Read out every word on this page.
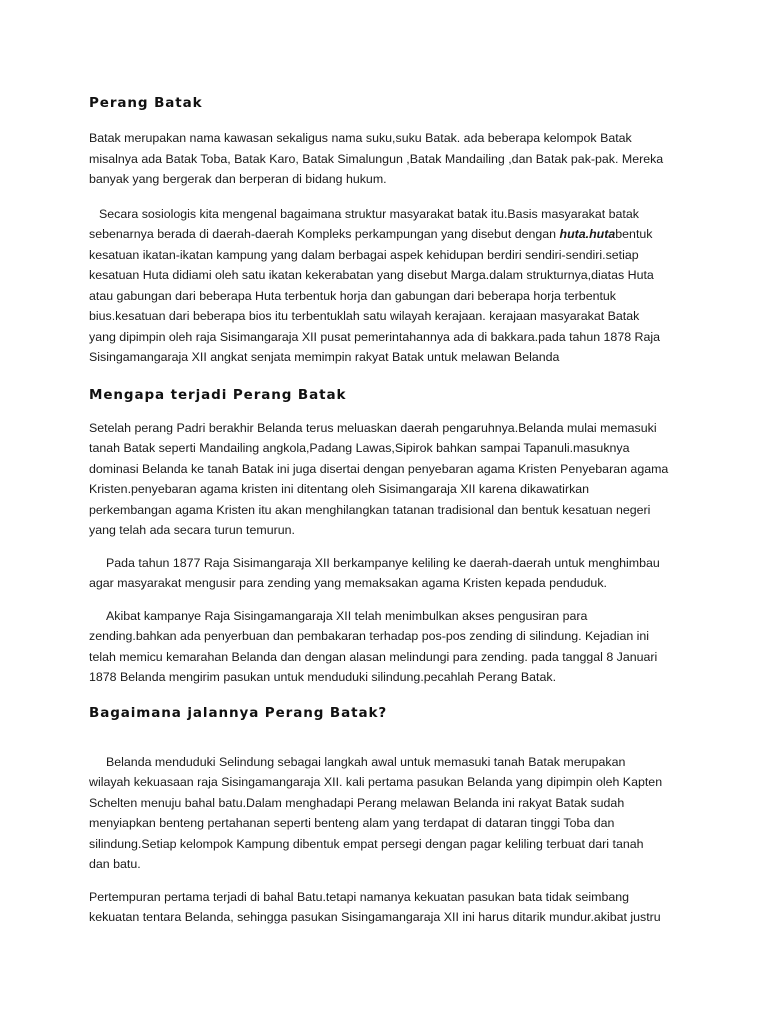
Perang Batak

Batak merupakan nama kawasan sekaligus nama suku,suku Batak. ada beberapa kelompok Batak
misalnya ada Batak Toba, Batak Karo, Batak Simalungun ,Batak Mandailing ,dan Batak pak-pak. Mereka
banyak yang bergerak dan berperan di bidang hukum.

Secara sosiologis kita mengenal bagaimana struktur masyarakat batak itu.Basis masyarakat batak
sebenarnya berada di daerah-daerah Kompleks perkampungan yang disebut dengan huta.hutabentuk
kesatuan ikatan-ikatan kampung yang dalam berbagai aspek kehidupan berdiri sendiri-sendiri.setiap
kesatuan Huta didiami oleh satu ikatan kekerabatan yang disebut Marga.dalam strukturnya,diatas Huta
atau gabungan dari beberapa Huta terbentuk horja dan gabungan dari beberapa horja terbentuk
bius.kesatuan dari beberapa bios itu terbentuklah satu wilayah kerajaan. kerajaan masyarakat Batak
yang dipimpin oleh raja Sisimangaraja XII pusat pemerintahannya ada di bakkara.pada tahun 1878 Raja
Sisingamangaraja XII angkat senjata memimpin rakyat Batak untuk melawan Belanda

Mengapa terjadi Perang Batak

Setelah perang Padri berakhir Belanda terus meluaskan daerah pengaruhnya.Belanda mulai memasuki
tanah Batak seperti Mandailing angkola,Padang Lawas,Sipirok bahkan sampai Tapanuli.masuknya
dominasi Belanda ke tanah Batak ini juga disertai dengan penyebaran agama Kristen Penyebaran agama
Kristen.penyebaran agama kristen ini ditentang oleh Sisimangaraja XII karena dikawatirkan
perkembangan agama Kristen itu akan menghilangkan tatanan tradisional dan bentuk kesatuan negeri
yang telah ada secara turun temurun.

Pada tahun 1877 Raja Sisimangaraja XII berkampanye keliling ke daerah-daerah untuk menghimbau
agar masyarakat mengusir para zending yang memaksakan agama Kristen kepada penduduk.

Akibat kampanye Raja Sisingamangaraja XII telah menimbulkan akses pengusiran para
zending.bahkan ada penyerbuan dan pembakaran terhadap pos-pos zending di silindung. Kejadian ini
telah memicu kemarahan Belanda dan dengan alasan melindungi para zending. pada tanggal 8 Januari
1878 Belanda mengirim pasukan untuk menduduki silindung.pecahlah Perang Batak.

Bagaimana jalannya Perang Batak?

Belanda menduduki Selindung sebagai langkah awal untuk memasuki tanah Batak merupakan
wilayah kekuasaan raja Sisingamangaraja XII. kali pertama pasukan Belanda yang dipimpin oleh Kapten
Schelten menuju bahal batu.Dalam menghadapi Perang melawan Belanda ini rakyat Batak sudah
menyiapkan benteng pertahanan seperti benteng alam yang terdapat di dataran tinggi Toba dan
silindung.Setiap kelompok Kampung dibentuk empat persegi dengan pagar keliling terbuat dari tanah
dan batu.

Pertempuran pertama terjadi di bahal Batu.tetapi namanya kekuatan pasukan bata tidak seimbang
kekuatan tentara Belanda, sehingga pasukan Sisingamangaraja XII ini harus ditarik mundur.akibat justru
